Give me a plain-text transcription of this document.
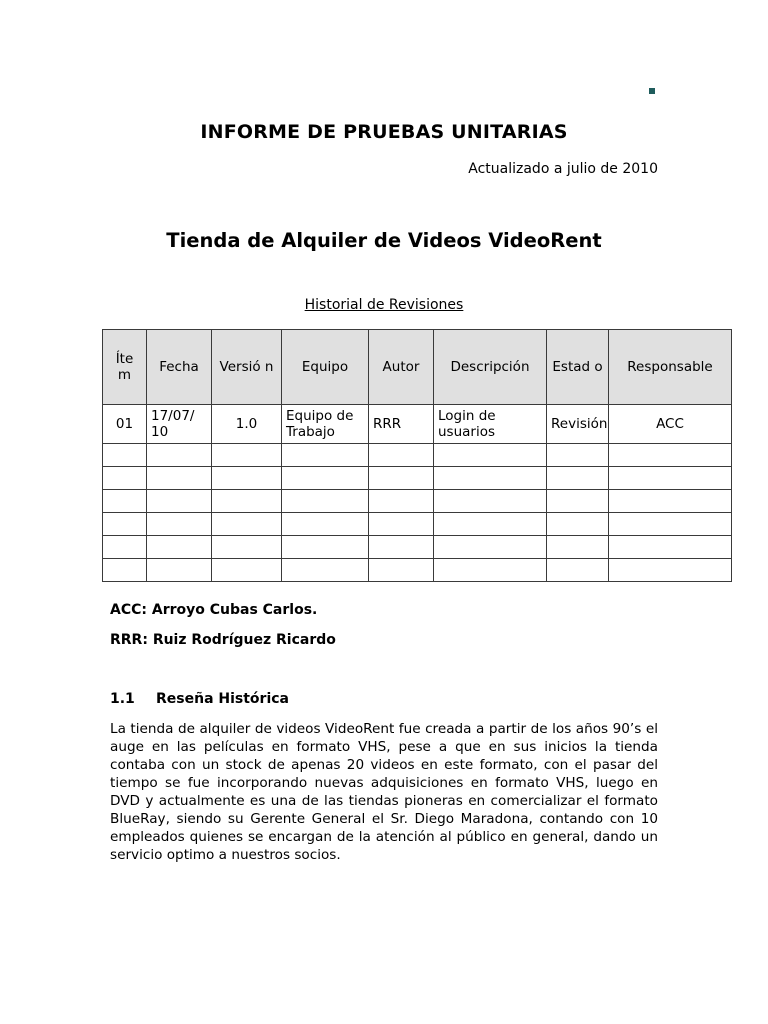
INFORME DE PRUEBAS UNITARIAS
Actualizado a julio de 2010
Tienda de Alquiler de Videos VideoRent
Historial de Revisiones
Íte m	Fecha	Versió n	Equipo	Autor	Descripción	Estad o	Responsable
01	17/07/ 10	1.0	Equipo de Trabajo	RRR	Login de usuarios	Revisión	ACC

ACC: Arroyo Cubas Carlos.
RRR: Ruiz Rodríguez Ricardo
1.1 Reseña Histórica
La tienda de alquiler de videos VideoRent fue creada a partir de los años 90’s el auge en las películas en formato VHS, pese a que en sus inicios la tienda contaba con un stock de apenas 20 videos en este formato, con el pasar del tiempo se fue incorporando nuevas adquisiciones en formato VHS, luego en DVD y actualmente es una de las tiendas pioneras en comercializar el formato BlueRay, siendo su Gerente General el Sr. Diego Maradona, contando con 10 empleados quienes se encargan de la atención al público en general, dando un servicio optimo a nuestros socios.
